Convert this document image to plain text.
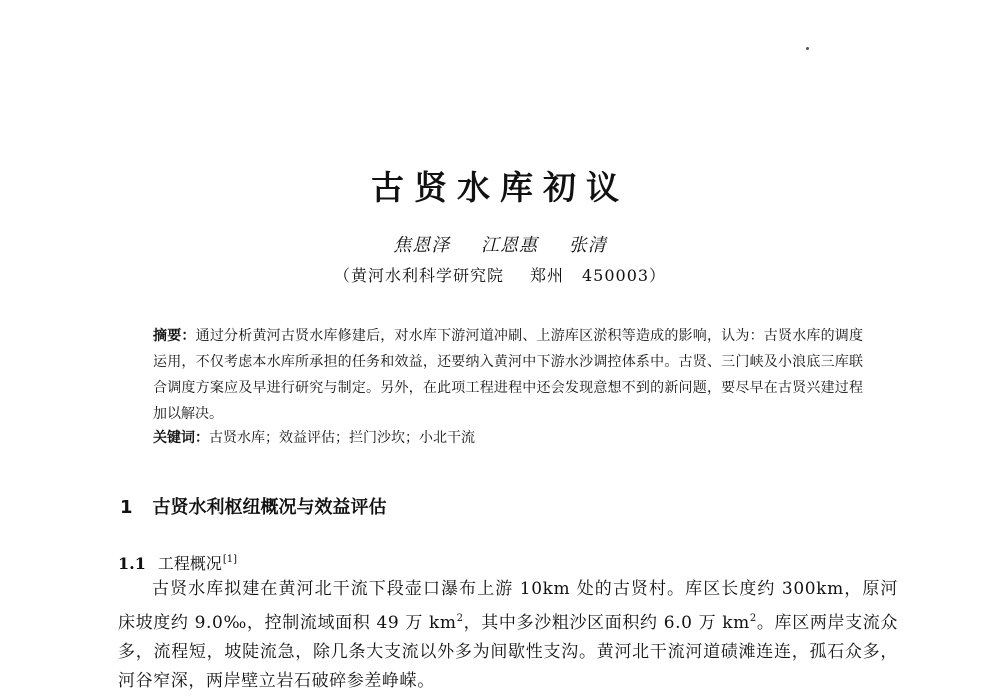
古贤水库初议
焦恩泽 江恩惠 张清
（黄河水利科学研究院 郑州 450003）
摘要：通过分析黄河古贤水库修建后，对水库下游河道冲刷、上游库区淤积等造成的影响，认为：古贤水库的调度运用，不仅考虑本水库所承担的任务和效益，还要纳入黄河中下游水沙调控体系中。古贤、三门峡及小浪底三库联合调度方案应及早进行研究与制定。另外，在此项工程进程中还会发现意想不到的新问题，要尽早在古贤兴建过程加以解决。
关键词：古贤水库 ； 效益评估 ； 拦门沙坎 ； 小北干流
1 古贤水利枢纽概况与效益评估
1.1 工程概况[1]
古贤水库拟建在黄河北干流下段壶口瀑布上游 10km 处的古贤村。库区长度约 300km，原河床坡度约 9.0‰，控制流域面积 49 万 $km^2$，其中多沙粗沙区面积约 6.0 万 $km^2$。库区两岸支流众多，流程短，坡陡流急，除几条大支流以外多为间歇性支沟。黄河北干流河道碛滩连连，孤石众多，河谷窄深，两岸壁立岩石破碎参差峥嵘。
